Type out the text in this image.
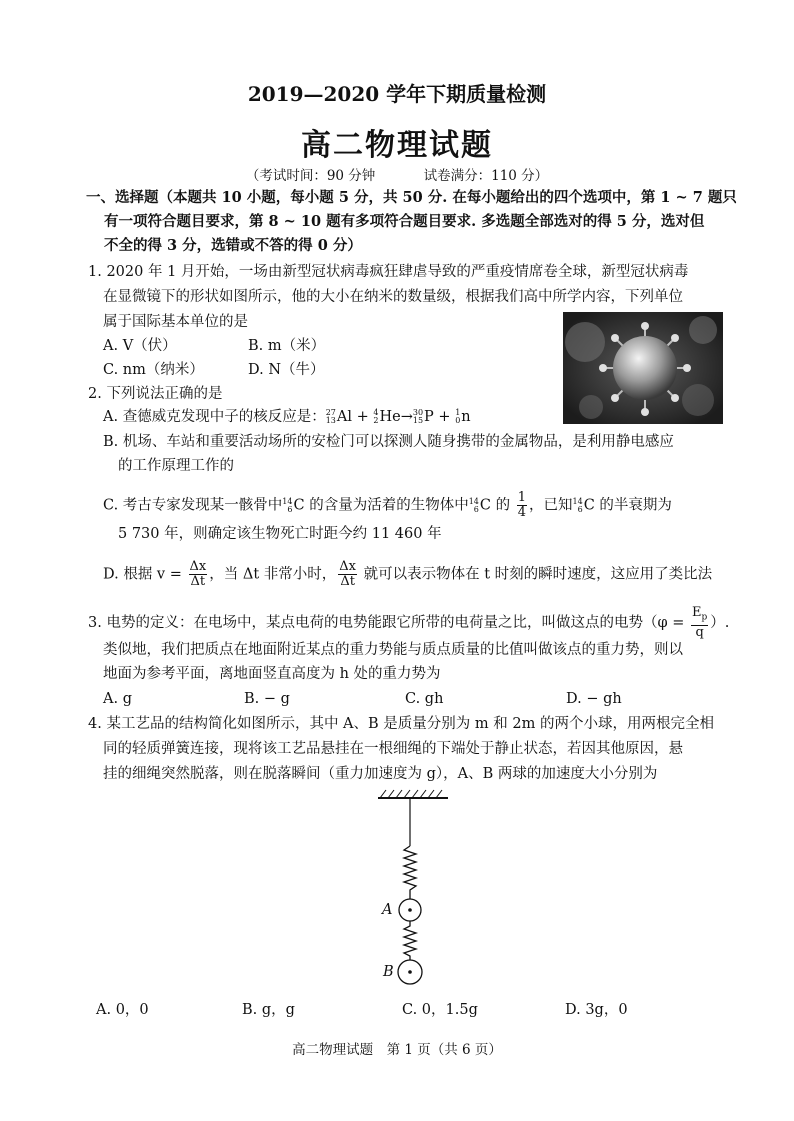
2019—2020 学年下期质量检测
高二物理试题
（考试时间：90 分钟	试卷满分：110 分）
一、选择题（本题共 10 小题，每小题 5 分，共 50 分. 在每小题给出的四个选项中，第 1 ~ 7 题只
有一项符合题目要求，第 8 ~ 10 题有多项符合题目要求. 多选题全部选对的得 5 分，选对但
不全的得 3 分，选错或不答的得 0 分）
1. 2020 年 1 月开始，一场由新型冠状病毒疯狂肆虐导致的严重疫情席卷全球，新型冠状病毒
在显微镜下的形状如图所示，他的大小在纳米的数量级，根据我们高中所学内容，下列单位
属于国际基本单位的是
A. V（伏）	B. m（米）
C. nm（纳米）	D. N（牛）
2. 下列说法正确的是
A. 查德威克发现中子的核反应是：27
13Al + 4
2He→30
15P + 1
0n
B. 机场、车站和重要活动场所的安检门可以探测人随身携带的金属物品，是利用静电感应
的工作原理工作的
C. 考古专家发现某一骸骨中14
6C 的含量为活着的生物体中14
6C 的 $\frac{1}{4}$ ，已知14
6C 的半衰期为
5 730 年，则确定该生物死亡时距今约 11 460 年
D. 根据 $v = \frac{\Delta x}{\Delta t}$ ，当 Δt 非常小时， $\frac{\Delta x}{\Delta t}$ 就可以表示物体在 t 时刻的瞬时速度，这应用了类比法
3. 电势的定义：在电场中，某点电荷的电势能跟它所带的电荷量之比，叫做这点的电势（$\varphi = \frac{E_p}{q}$ ）.
类似地，我们把质点在地面附近某点的重力势能与质点质量的比值叫做该点的重力势，则以
地面为参考平面，离地面竖直高度为 h 处的重力势为
A. g	B. − g	C. gh	D. − gh
4. 某工艺品的结构简化如图所示，其中 A、B 是质量分别为 m 和 2m 的两个小球，用两根完全相
同的轻质弹簧连接，现将该工艺品悬挂在一根细绳的下端处于静止状态，若因其他原因，悬
挂的细绳突然脱落，则在脱落瞬间（重力加速度为 g），A、B 两球的加速度大小分别为
A
B
A. 0，0	B. g，g	C. 0，1.5g	D. 3g，0
高二物理试题　第 1 页（共 6 页）
